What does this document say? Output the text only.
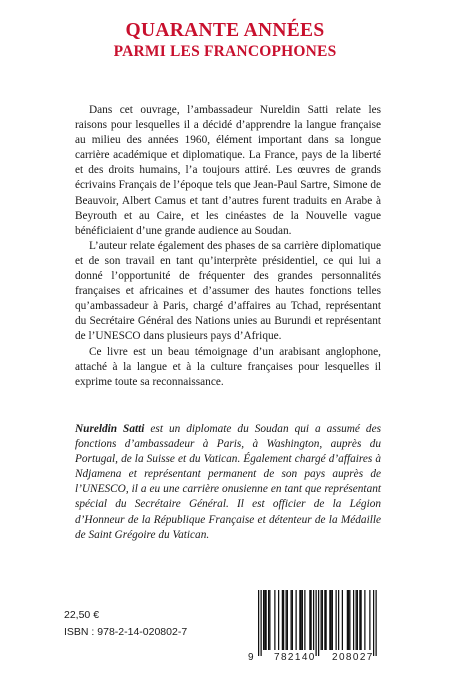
QUARANTE ANNÉES
PARMI LES FRANCOPHONES

Dans cet ouvrage, l’ambassadeur Nureldin Satti relate les raisons pour lesquelles il a décidé d’apprendre la langue française au milieu des années 1960, élément important dans sa longue carrière académique et diplomatique. La France, pays de la liberté et des droits humains, l’a toujours attiré. Les œuvres de grands écrivains Français de l’époque tels que Jean-Paul Sartre, Simone de Beauvoir, Albert Camus et tant d’autres furent traduits en Arabe à Beyrouth et au Caire, et les cinéastes de la Nouvelle vague bénéficiaient d’une grande audience au Soudan.

L’auteur relate également des phases de sa carrière diplomatique et de son travail en tant qu’interprète présidentiel, ce qui lui a donné l’opportunité de fréquenter des grandes personnalités françaises et africaines et d’assumer des hautes fonctions telles qu’ambassadeur à Paris, chargé d’affaires au Tchad, représentant du Secrétaire Général des Nations unies au Burundi et représentant de l’UNESCO dans plusieurs pays d’Afrique.

Ce livre est un beau témoignage d’un arabisant anglophone, attaché à la langue et à la culture françaises pour lesquelles il exprime toute sa reconnaissance.

Nureldin Satti est un diplomate du Soudan qui a assumé des fonctions d’ambassadeur à Paris, à Washington, auprès du Portugal, de la Suisse et du Vatican. Également chargé d’affaires à Ndjamena et représentant permanent de son pays auprès de l’UNESCO, il a eu une carrière onusienne en tant que représentant spécial du Secrétaire Général. Il est officier de la Légion d’Honneur de la République Française et détenteur de la Médaille de Saint Grégoire du Vatican.
22,50 €
ISBN : 978-2-14-020802-7
9 782140 208027
